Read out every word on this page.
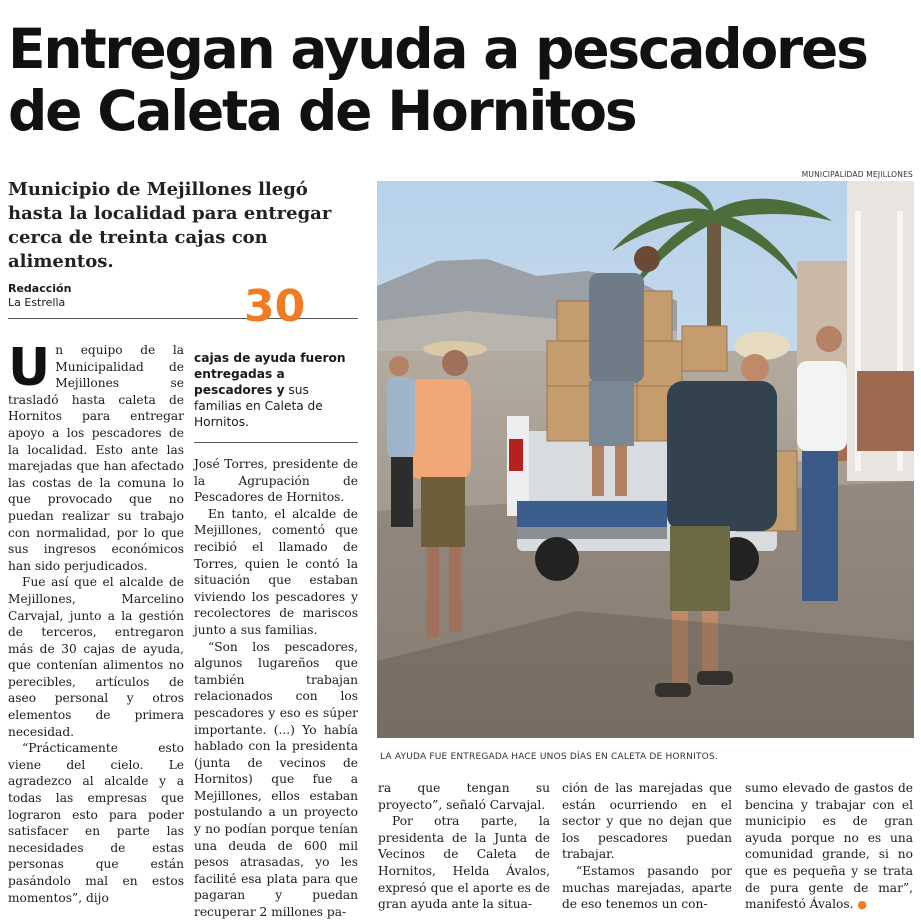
Entregan ayuda a pescadores
de Caleta de Hornitos
Municipio de Mejillones llegó hasta la localidad para entregar cerca de treinta cajas con alimentos.
Redacción
La Estrella	30
cajas de ayuda fueron entregadas a pescadores y sus familias en Caleta de Hornitos.

Un equipo de la Municipalidad de Mejillones se trasladó hasta caleta de Hornitos para entregar apoyo a los pescadores de la localidad. Esto ante las marejadas que han afectado las costas de la comuna lo que provocado que no puedan realizar su trabajo con normalidad, por lo que sus ingresos económicos han sido perjudicados.

Fue así que el alcalde de Mejillones, Marcelino Carvajal, junto a la gestión de terceros, entregaron más de 30 cajas de ayuda, que contenían alimentos no perecibles, artículos de aseo personal y otros elementos de primera necesidad.

“Prácticamente esto viene del cielo. Le agradezco al alcalde y a todas las empresas que lograron esto para poder satisfacer en parte las necesidades de estas personas que están pasándolo mal en estos momentos”, dijo

José Torres, presidente de la Agrupación de Pescadores de Hornitos.

En tanto, el alcalde de Mejillones, comentó que recibió el llamado de Torres, quien le contó la situación que estaban viviendo los pescadores y recolectores de mariscos junto a sus familias.

“Son los pescadores, algunos lugareños que también trabajan relacionados con los pescadores y eso es súper importante. (...) Yo había hablado con la presidenta (junta de vecinos de Hornitos) que fue a Mejillones, ellos estaban postulando a un proyecto y no podían porque tenían una deuda de 600 mil pesos atrasadas, yo les facilité esa plata para que pagaran y puedan recuperar 2 millones pa-

MUNICIPALIDAD MEJILLONES
LA AYUDA FUE ENTREGADA HACE UNOS DÍAS EN CALETA DE HORNITOS.

ra que tengan su proyecto”, señaló Carvajal.

Por otra parte, la presidenta de la Junta de Vecinos de Caleta de Hornitos, Helda Ávalos, expresó que el aporte es de gran ayuda ante la situa-

ción de las marejadas que están ocurriendo en el sector y que no dejan que los pescadores puedan trabajar.

“Estamos pasando por muchas marejadas, aparte de eso tenemos un con-

sumo elevado de gastos de bencina y trabajar con el municipio es de gran ayuda porque no es una comunidad grande, si no que es pequeña y se trata de pura gente de mar”, manifestó Ávalos. ●
